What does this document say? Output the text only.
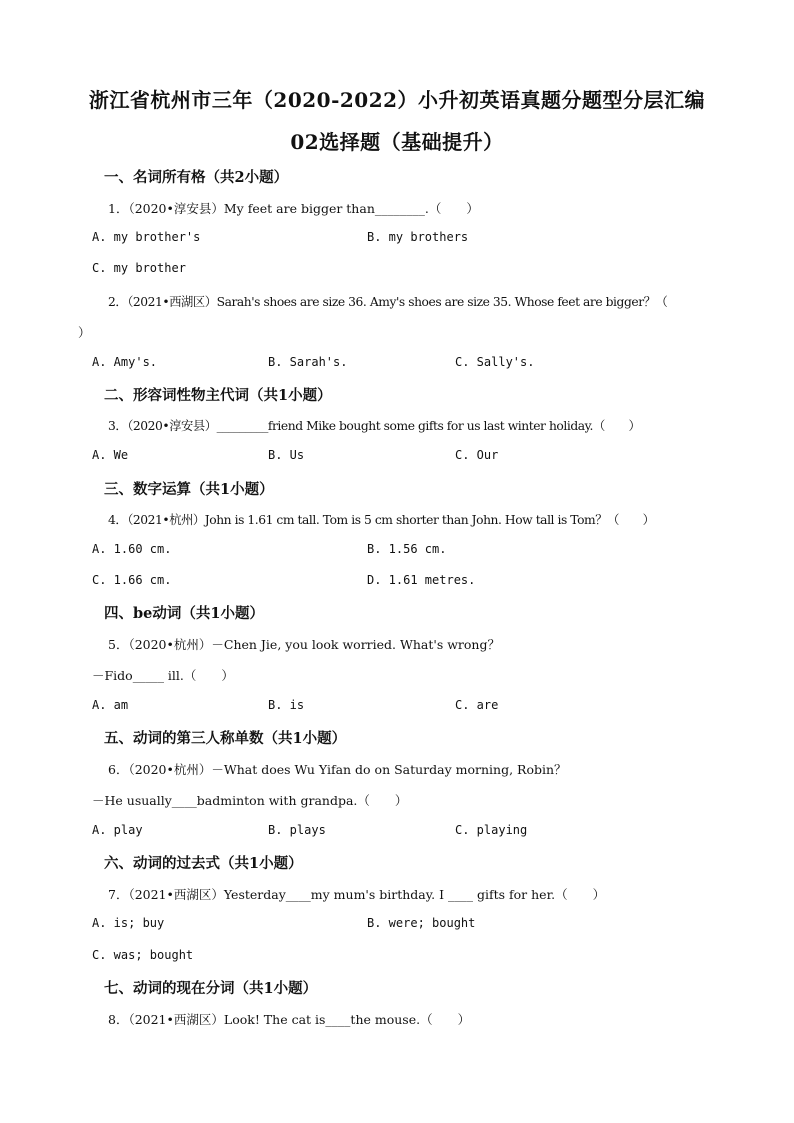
浙江省杭州市三年（2020-2022）小升初英语真题分题型分层汇编
02选择题（基础提升）
一、名词所有格（共2小题）
1．（2020•淳安县）My feet are bigger than________.（　　）
A. my brother's	B. my brothers
C. my brother
2．（2021•西湖区）Sarah's shoes are size 36. Amy's shoes are size 35. Whose feet are bigger？（
）
A. Amy's.	B. Sarah's.	C. Sally's.
二、形容词性物主代词（共1小题）
3．（2020•淳安县）_________friend Mike bought some gifts for us last winter holiday.（　　）
A. We	B. Us	C. Our
三、数字运算（共1小题）
4．（2021•杭州）John is 1.61 cm tall. Tom is 5 cm shorter than John. How tall is Tom？（　　）
A. 1.60 cm.	B. 1.56 cm.
C. 1.66 cm.	D. 1.61 metres.
四、be动词（共1小题）
5．（2020•杭州）－Chen Jie, you look worried. What's wrong？
－Fido_____ ill.（　　）
A. am	B. is	C. are
五、动词的第三人称单数（共1小题）
6．（2020•杭州）－What does Wu Yifan do on Saturday morning, Robin？
－He usually____badminton with grandpa.（　　）
A. play	B. plays	C. playing
六、动词的过去式（共1小题）
7．（2021•西湖区）Yesterday____my mum's birthday. I ____ gifts for her.（　　）
A. is; buy	B. were; bought
C. was; bought
七、动词的现在分词（共1小题）
8．（2021•西湖区）Look! The cat is____the mouse.（　　）
